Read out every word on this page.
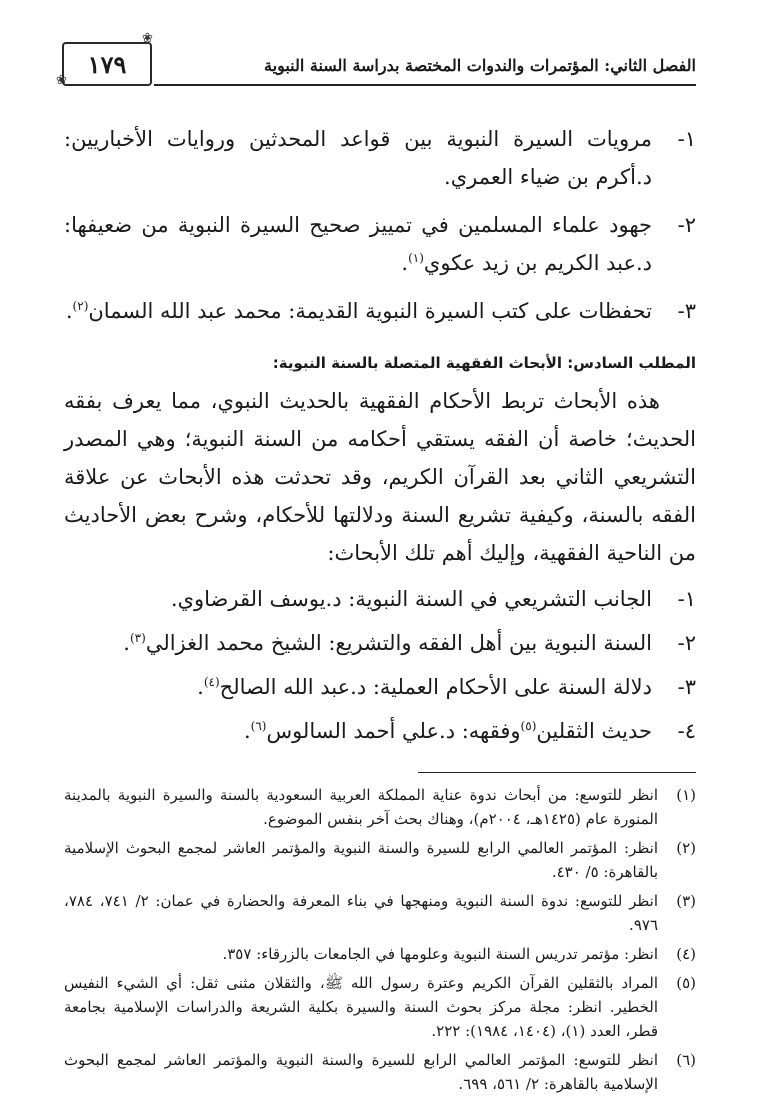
١٧٩
❀
❀
الفصل الثاني: المؤتمرات والندوات المختصة بدراسة السنة النبوية
١-
مرويات السيرة النبوية بين قواعد المحدثين وروايات الأخباريين: د.أكرم بن ضياء العمري.
٢-
جهود علماء المسلمين في تمييز صحيح السيرة النبوية من ضعيفها: د.عبد الكريم بن زيد عكوي$^{(١)}$.
٣-
تحفظات على كتب السيرة النبوية القديمة: محمد عبد الله السمان$^{(٢)}$.
المطلب السادس: الأبحاث الفقهية المتصلة بالسنة النبوية:

هذه الأبحاث تربط الأحكام الفقهية بالحديث النبوي، مما يعرف بفقه الحديث؛ خاصة أن الفقه يستقي أحكامه من السنة النبوية؛ وهي المصدر التشريعي الثاني بعد القرآن الكريم، وقد تحدثت هذه الأبحاث عن علاقة الفقه بالسنة، وكيفية تشريع السنة ودلالتها للأحكام، وشرح بعض الأحاديث من الناحية الفقهية، وإليك أهم تلك الأبحاث:

١-
الجانب التشريعي في السنة النبوية: د.يوسف القرضاوي.
٢-
السنة النبوية بين أهل الفقه والتشريع: الشيخ محمد الغزالي$^{(٣)}$.
٣-
دلالة السنة على الأحكام العملية: د.عبد الله الصالح$^{(٤)}$.
٤-
حديث الثقلين$^{(٥)}$وفقهه: د.علي أحمد السالوس$^{(٦)}$.
(١)
انظر للتوسع: من أبحاث ندوة عناية المملكة العربية السعودية بالسنة والسيرة النبوية بالمدينة المنورة عام (١٤٢٥هـ، ٢٠٠٤م)، وهناك بحث آخر بنفس الموضوع.
(٢)
انظر: المؤتمر العالمي الرابع للسيرة والسنة النبوية والمؤتمر العاشر لمجمع البحوث الإسلامية بالقاهرة: ٥/ ٤٣٠.
(٣)
انظر للتوسع: ندوة السنة النبوية ومنهجها في بناء المعرفة والحضارة في عمان: ٢/ ٧٤١، ٧٨٤، ٩٧٦.
(٤)
انظر: مؤتمر تدريس السنة النبوية وعلومها في الجامعات بالزرقاء: ٣٥٧.
(٥)
المراد بالثقلين القرآن الكريم وعترة رسول الله ﷺ، والثقلان مثنى ثقل: أي الشيء النفيس الخطير. انظر: مجلة مركز بحوث السنة والسيرة بكلية الشريعة والدراسات الإسلامية بجامعة قطر، العدد (١)، (١٤٠٤، ١٩٨٤): ٢٢٢.
(٦)
انظر للتوسع: المؤتمر العالمي الرابع للسيرة والسنة النبوية والمؤتمر العاشر لمجمع البحوث الإسلامية بالقاهرة: ٢/ ٥٦١، ٦٩٩.
